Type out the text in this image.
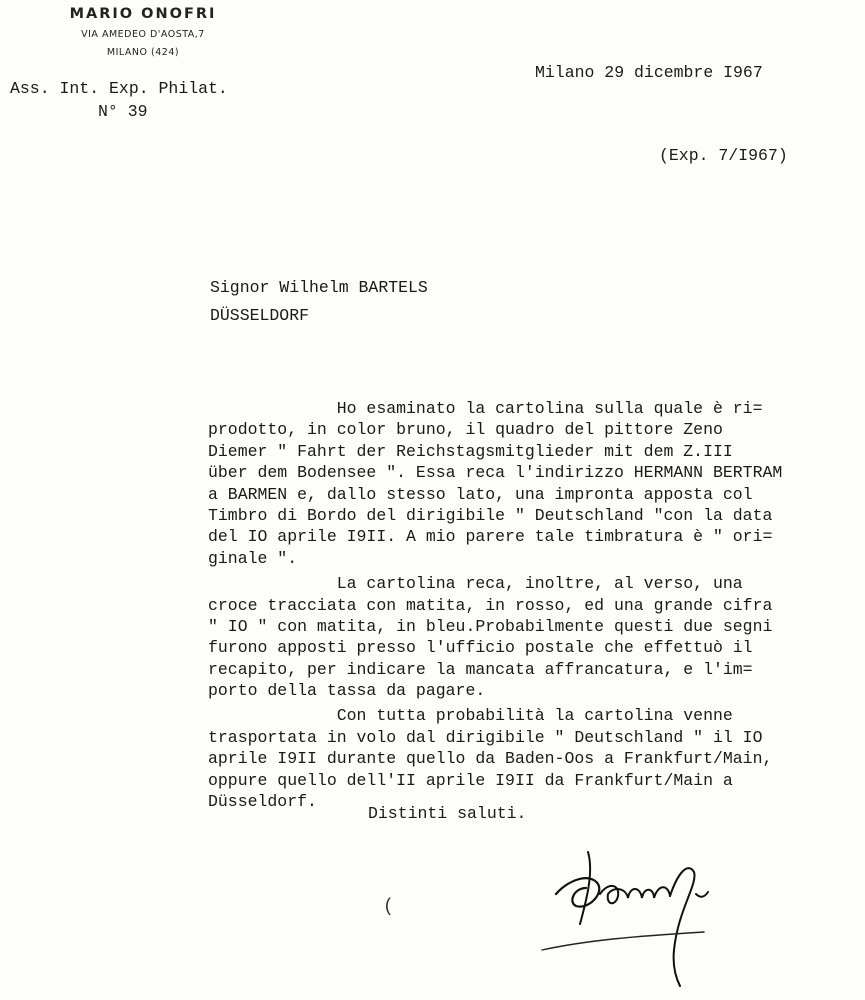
MARIO ONOFRI
VIA AMEDEO D'AOSTA,7
MILANO (424)
Ass. Int. Exp. Philat.
N° 39
Milano 29 dicembre I967
(Exp. 7/I967)
Signor Wilhelm BARTELS
DÜSSELDORF
Ho esaminato la cartolina sulla quale è ri=
prodotto, in color bruno, il quadro del pittore Zeno
Diemer " Fahrt der Reichstagsmitglieder mit dem Z.III
über dem Bodensee ". Essa reca l'indirizzo HERMANN BERTRAM
a BARMEN e, dallo stesso lato, una impronta apposta col
Timbro di Bordo del dirigibile " Deutschland "con la data
del IO aprile I9II. A mio parere tale timbratura è " ori=
ginale ".
La cartolina reca, inoltre, al verso, una
croce tracciata con matita, in rosso, ed una grande cifra
" IO " con matita, in bleu.Probabilmente questi due segni
furono apposti presso l'ufficio postale che effettuò il
recapito, per indicare la mancata affrancatura, e l'im=
porto della tassa da pagare.
Con tutta probabilità la cartolina venne
trasportata in volo dal dirigibile " Deutschland " il IO
aprile I9II durante quello da Baden-Oos a Frankfurt/Main,
oppure quello dell'II aprile I9II da Frankfurt/Main a
Düsseldorf.
Distinti saluti.
(
